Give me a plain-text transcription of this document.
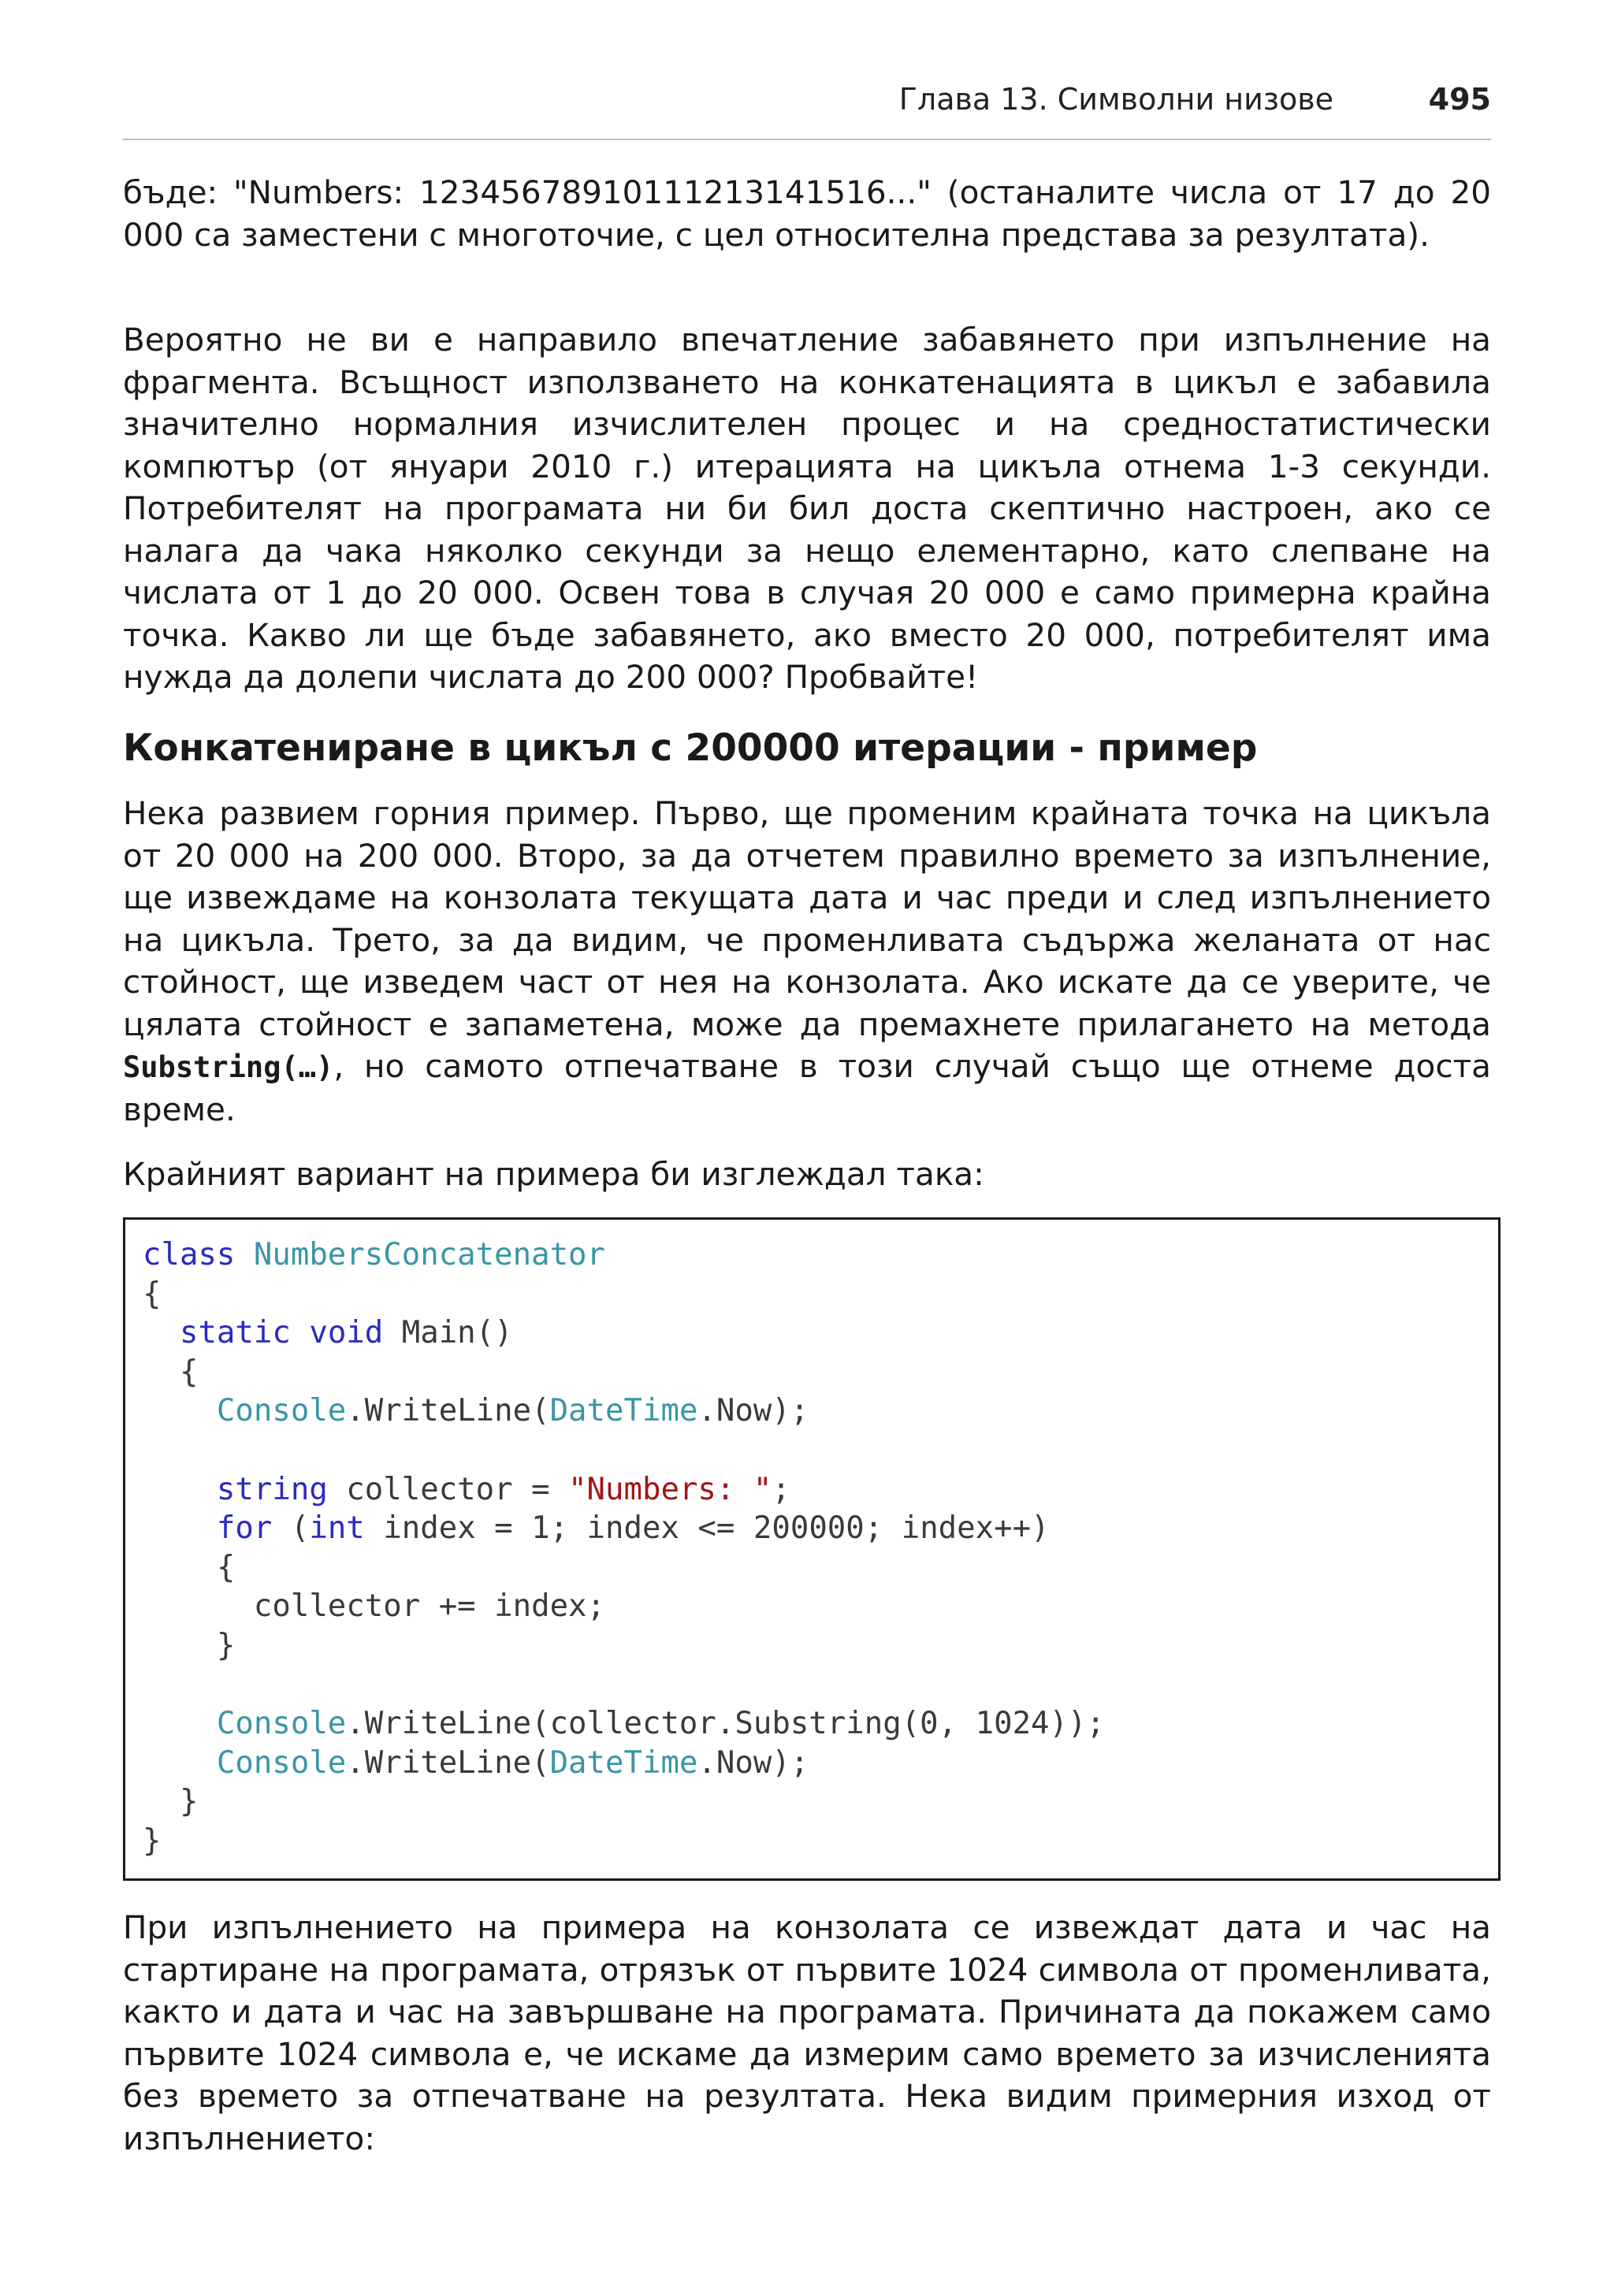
Глава 13. Символни низове	495

бъде: "Numbers: 12345678910111213141516..." (останалите числа от 17 до 20 000 са заместени с многоточие, с цел относителна представа за резултата).

Вероятно не ви е направило впечатление забавянето при изпълнение на фрагмента. Всъщност използването на конкатенацията в цикъл е забавила значително нормалния изчислителен процес и на средностатистически компютър (от януари 2010 г.) итерацията на цикъла отнема 1-3 секунди. Потребителят на програмата ни би бил доста скептично настроен, ако се налага да чака няколко секунди за нещо елементарно, като слепване на числата от 1 до 20 000. Освен това в случая 20 000 е само примерна крайна точка. Какво ли ще бъде забавянето, ако вместо 20 000, потребителят има нужда да долепи числата до 200 000? Пробвайте!

Конкатениране в цикъл с 200000 итерации - пример

Нека развием горния пример. Първо, ще променим крайната точка на цикъла от 20 000 на 200 000. Второ, за да отчетем правилно времето за изпълнение, ще извеждаме на конзолата текущата дата и час преди и след изпълнението на цикъла. Трето, за да видим, че променливата съдържа желаната от нас стойност, ще изведем част от нея на конзолата. Ако искате да се уверите, че цялата стойност е запаметена, може да премахнете прилагането на метода Substring(…), но самото отпечатване в този случай също ще отнеме доста време.

Крайният вариант на примера би изглеждал така:

class NumbersConcatenator
{
static void Main()
{
Console.WriteLine(DateTime.Now);

string collector = "Numbers: ";
for (int index = 1; index <= 200000; index++)
{
collector += index;
}

Console.WriteLine(collector.Substring(0, 1024));
Console.WriteLine(DateTime.Now);
}
}

При изпълнението на примера на конзолата се извеждат дата и час на стартиране на програмата, отрязък от първите 1024 символа от променливата, както и дата и час на завършване на програмата. Причината да покажем само първите 1024 символа е, че искаме да измерим само времето за изчисленията без времето за отпечатване на резултата. Нека видим примерния изход от изпълнението:
